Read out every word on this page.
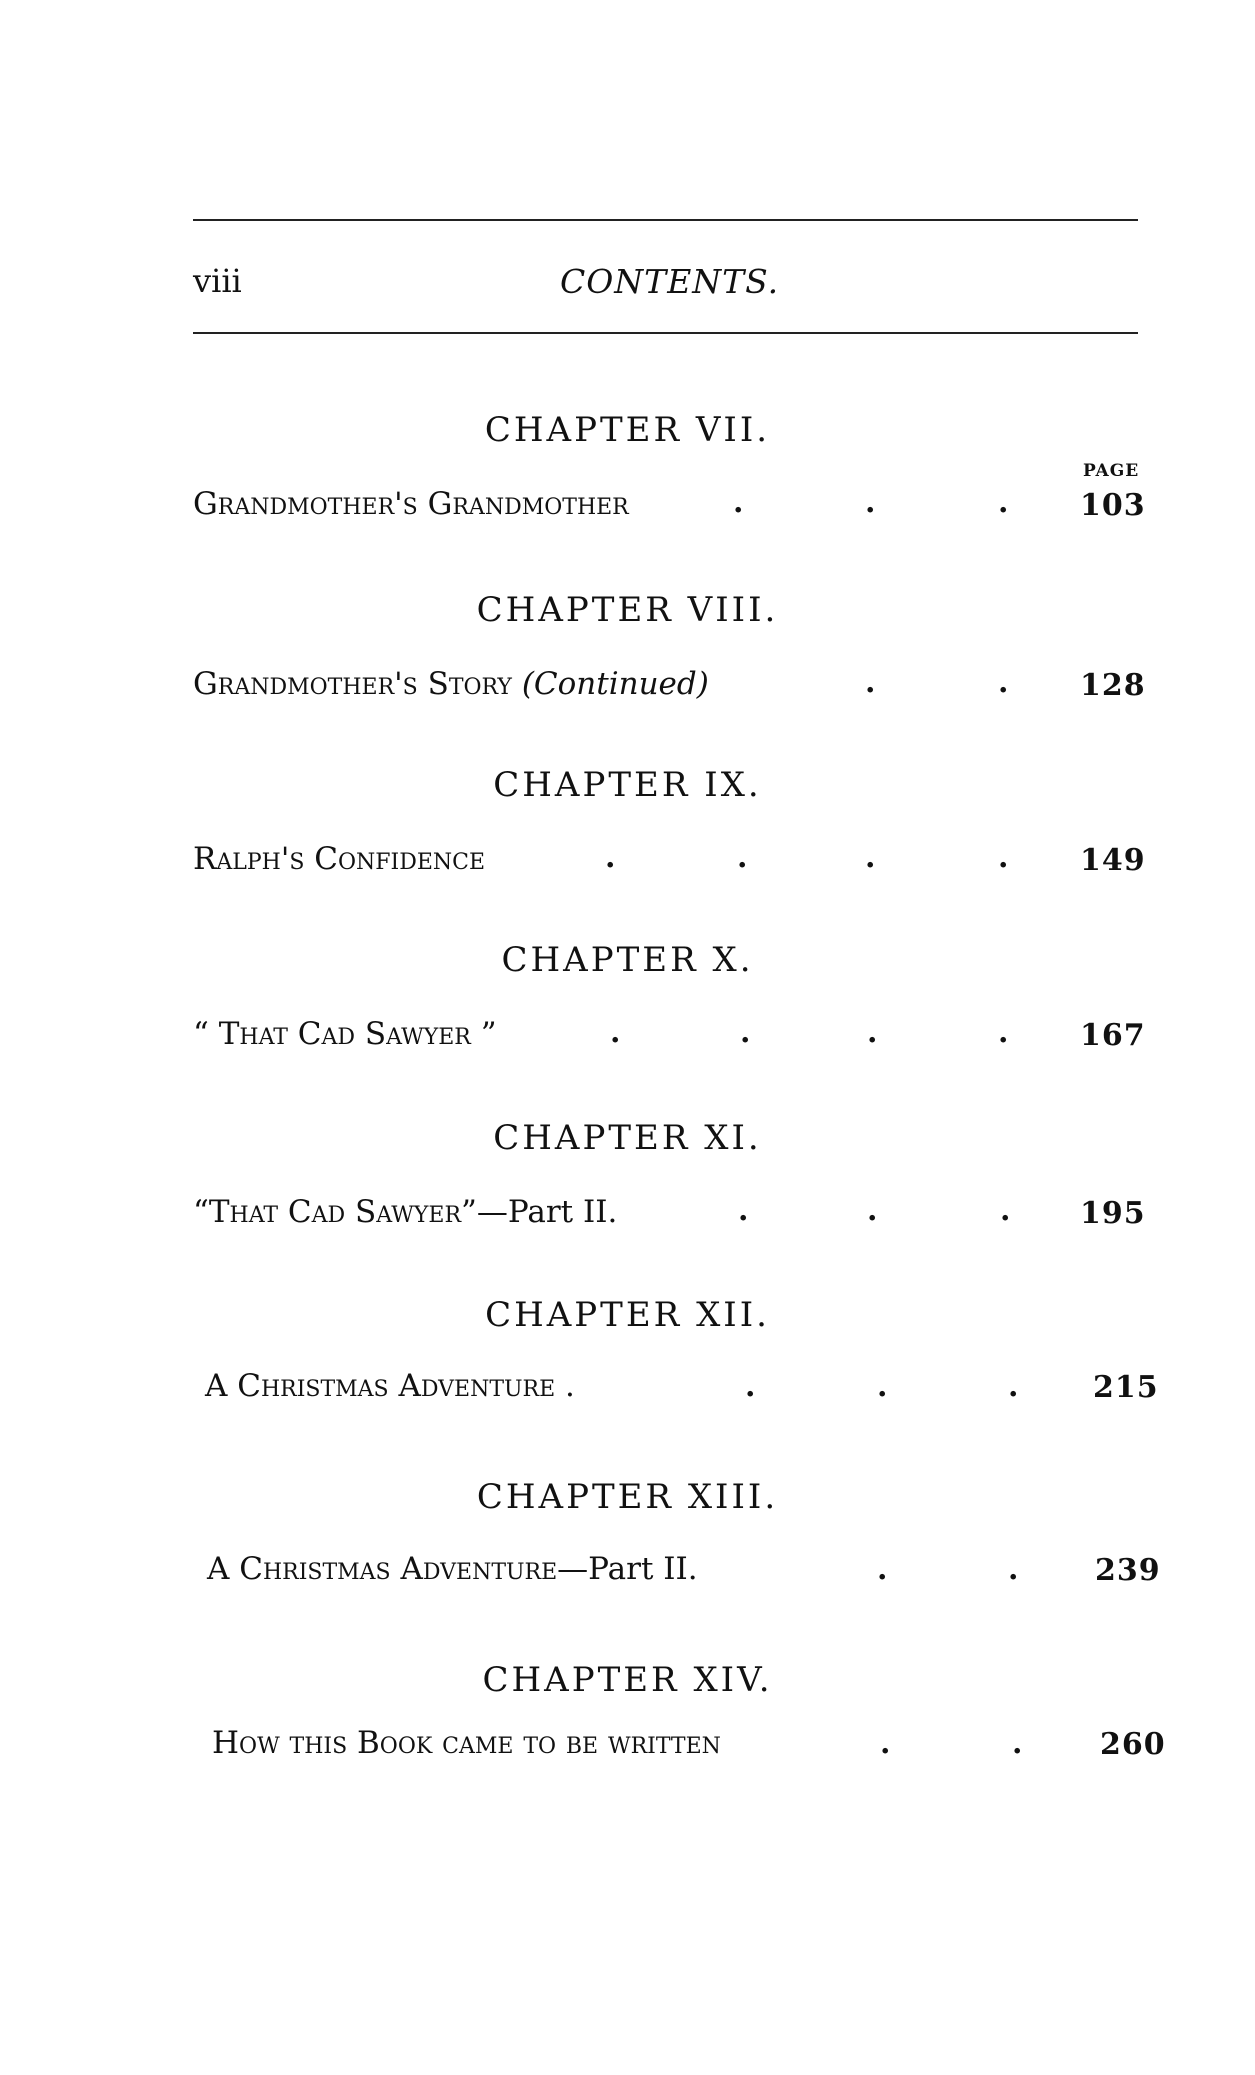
viii	CONTENTS.
CHAPTER VII.
PAGE
Grandmother's Grandmother	.	.	. 103
CHAPTER VIII.
Grandmother's Story (Continued)	.	. 128
CHAPTER IX.
Ralph's Confidence	.	.	.	. 149
CHAPTER X.
“ That Cad Sawyer ”	.	.	.	. 167
CHAPTER XI.
“That Cad Sawyer”—Part II.	.	.	. 195
CHAPTER XII.
A Christmas Adventure .	.	.	. 215
CHAPTER XIII.
A Christmas Adventure—Part II.	.	.	239
CHAPTER XIV.
How this Book came to be written	.	.	260
